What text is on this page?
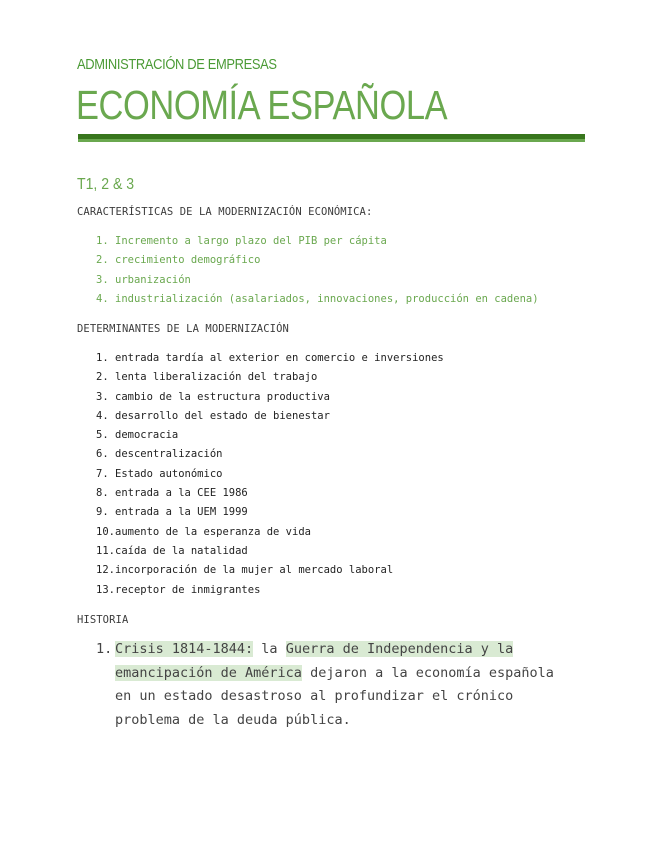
ADMINISTRACIÓN DE EMPRESAS
ECONOMÍA ESPAÑOLA
T1, 2 & 3
CARACTERÍSTICAS DE LA MODERNIZACIÓN ECONÓMICA:
1. Incremento a largo plazo del PIB per cápita
2. crecimiento demográfico
3. urbanización
4. industrialización (asalariados, innovaciones, producción en cadena)
DETERMINANTES DE LA MODERNIZACIÓN
1. entrada tardía al exterior en comercio e inversiones
2. lenta liberalización del trabajo
3. cambio de la estructura productiva
4. desarrollo del estado de bienestar
5. democracia
6. descentralización
7. Estado autonómico
8. entrada a la CEE 1986
9. entrada a la UEM 1999
10. aumento de la esperanza de vida
11. caída de la natalidad
12. incorporación de la mujer al mercado laboral
13. receptor de inmigrantes
HISTORIA
1. Crisis 1814-1844: la Guerra de Independencia y la emancipación de América dejaron a la economía española en un estado desastroso al profundizar el crónico problema de la deuda pública.
